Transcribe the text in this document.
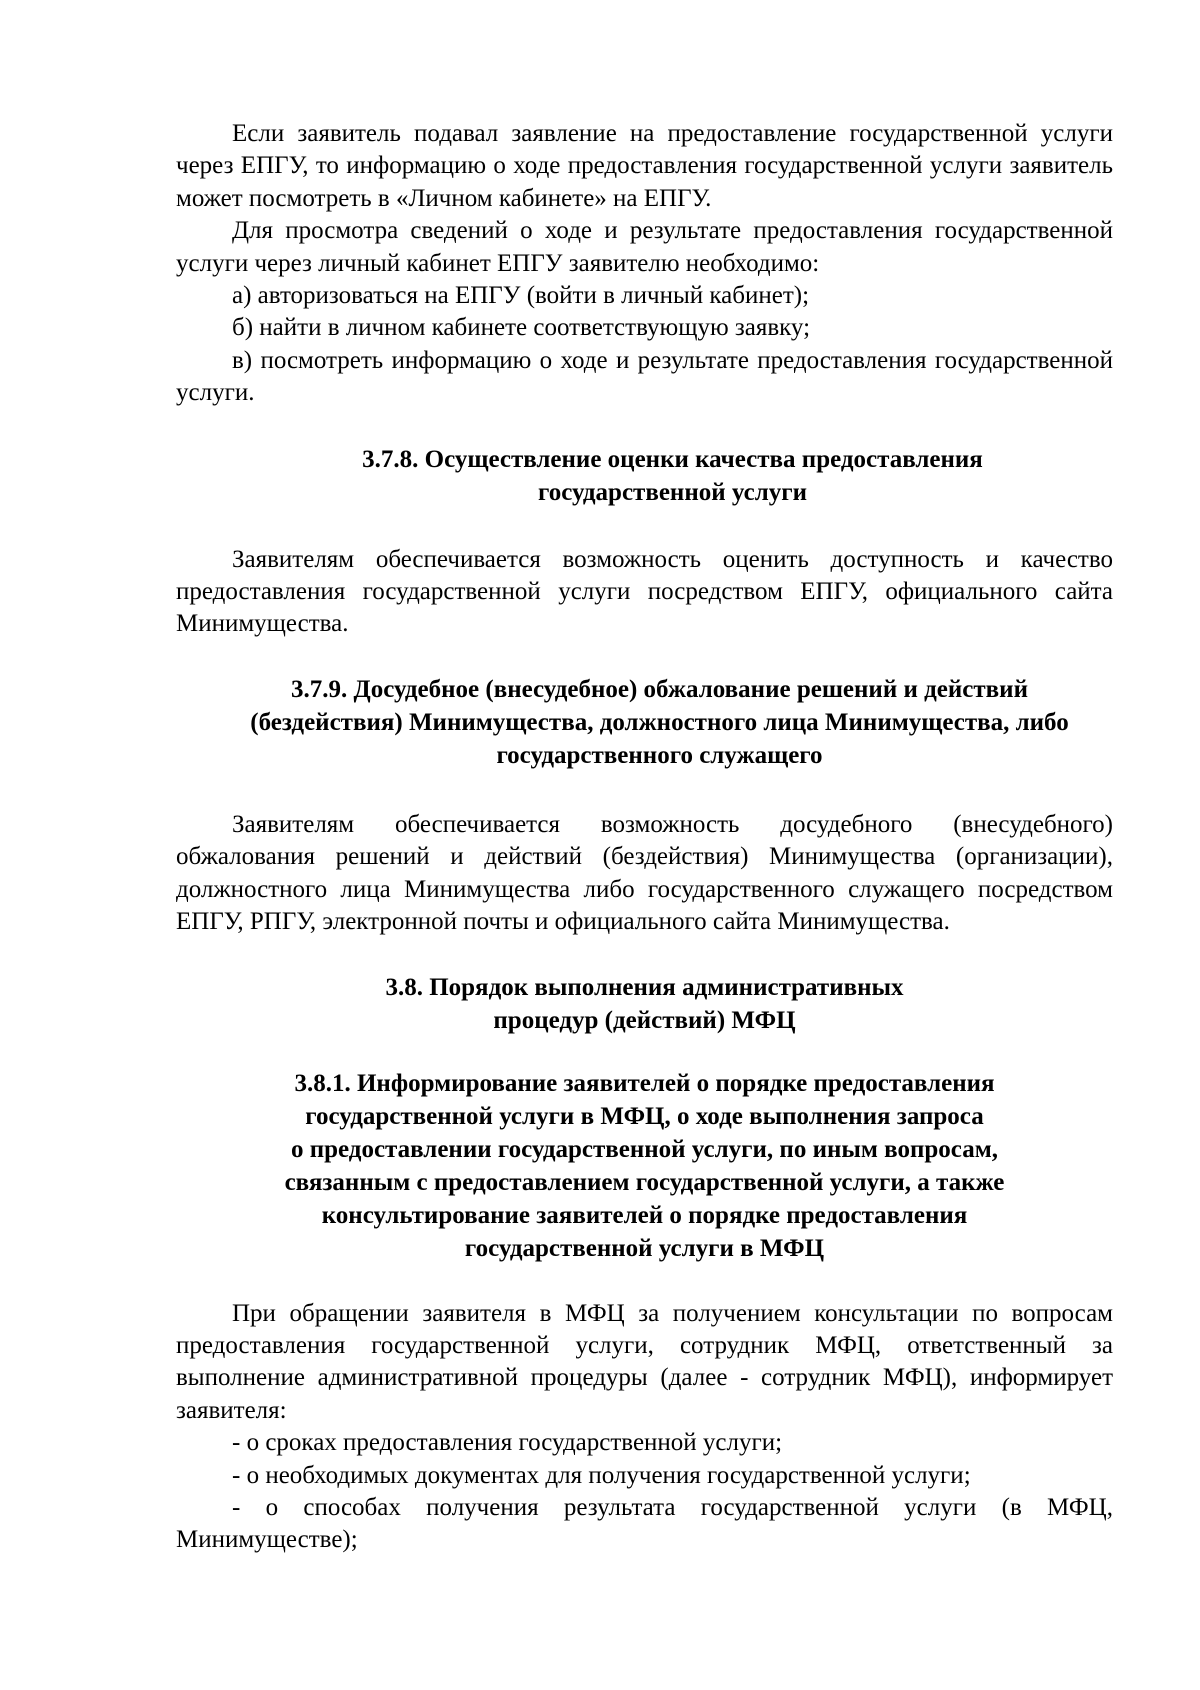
Если заявитель подавал заявление на предоставление государственной услуги через ЕПГУ, то информацию о ходе предоставления государственной услуги заявитель может посмотреть в «Личном кабинете» на ЕПГУ.

Для просмотра сведений о ходе и результате предоставления государственной услуги через личный кабинет ЕПГУ заявителю необходимо:

а) авторизоваться на ЕПГУ (войти в личный кабинет);

б) найти в личном кабинете соответствующую заявку;

в) посмотреть информацию о ходе и результате предоставления государственной услуги.

3.7.8. Осуществление оценки качества предоставления
государственной услуги

Заявителям обеспечивается возможность оценить доступность и качество предоставления государственной услуги посредством ЕПГУ, официального сайта Минимущества.

3.7.9. Досудебное (внесудебное) обжалование решений и действий
(бездействия) Минимущества, должностного лица Минимущества, либо
государственного служащего

Заявителям обеспечивается возможность досудебного (внесудебного) обжалования решений и действий (бездействия) Минимущества (организации), должностного лица Минимущества либо государственного служащего посредством ЕПГУ, РПГУ, электронной почты и официального сайта Минимущества.

3.8. Порядок выполнения административных
процедур (действий) МФЦ

3.8.1. Информирование заявителей о порядке предоставления
государственной услуги в МФЦ, о ходе выполнения запроса
о предоставлении государственной услуги, по иным вопросам,
связанным с предоставлением государственной услуги, а также
консультирование заявителей о порядке предоставления
государственной услуги в МФЦ

При обращении заявителя в МФЦ за получением консультации по вопросам предоставления государственной услуги, сотрудник МФЦ, ответственный за выполнение административной процедуры (далее - сотрудник МФЦ), информирует заявителя:

- о сроках предоставления государственной услуги;

- о необходимых документах для получения государственной услуги;

- о способах получения результата государственной услуги (в МФЦ, Минимуществе);
